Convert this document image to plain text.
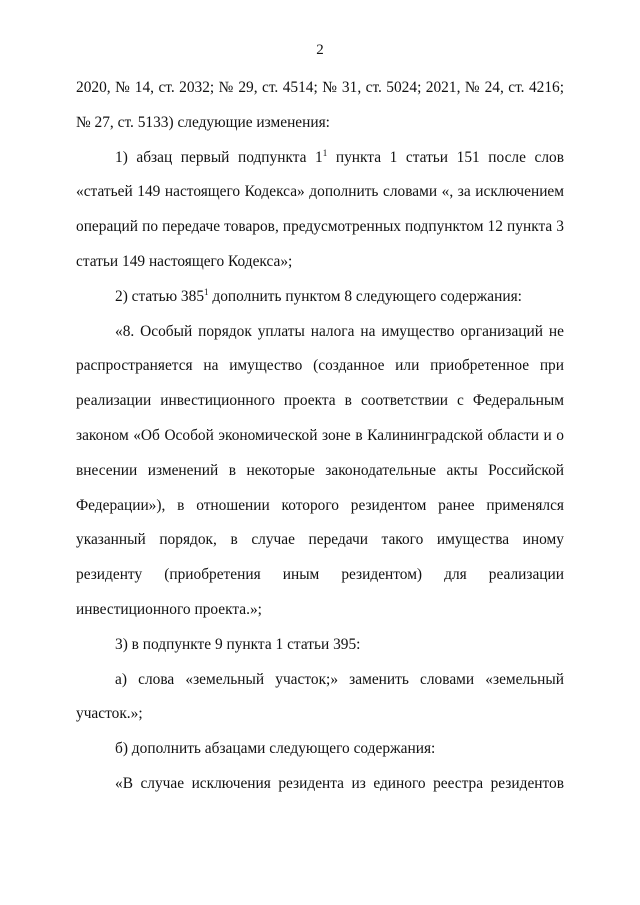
2

2020, № 14, ст. 2032; № 29, ст. 4514; № 31, ст. 5024; 2021, № 24, ст. 4216; № 27, ст. 5133) следующие изменения:

1) абзац первый подпункта $1^1$ пункта 1 статьи 151 после слов «статьей 149 настоящего Кодекса» дополнить словами «, за исключением операций по передаче товаров, предусмотренных подпунктом 12 пункта 3 статьи 149 настоящего Кодекса»;

2) статью $385^1$ дополнить пунктом 8 следующего содержания:

«8. Особый порядок уплаты налога на имущество организаций не распространяется на имущество (созданное или приобретенное при реализации инвестиционного проекта в соответствии с Федеральным законом «Об Особой экономической зоне в Калининградской области и о внесении изменений в некоторые законодательные акты Российской Федерации»), в отношении которого резидентом ранее применялся указанный порядок, в случае передачи такого имущества иному резиденту (приобретения иным резидентом) для реализации инвестиционного проекта.»;

3) в подпункте 9 пункта 1 статьи 395:

а) слова «земельный участок;» заменить словами «земельный участок.»;

б) дополнить абзацами следующего содержания:

«В случае исключения резидента из единого реестра резидентов
